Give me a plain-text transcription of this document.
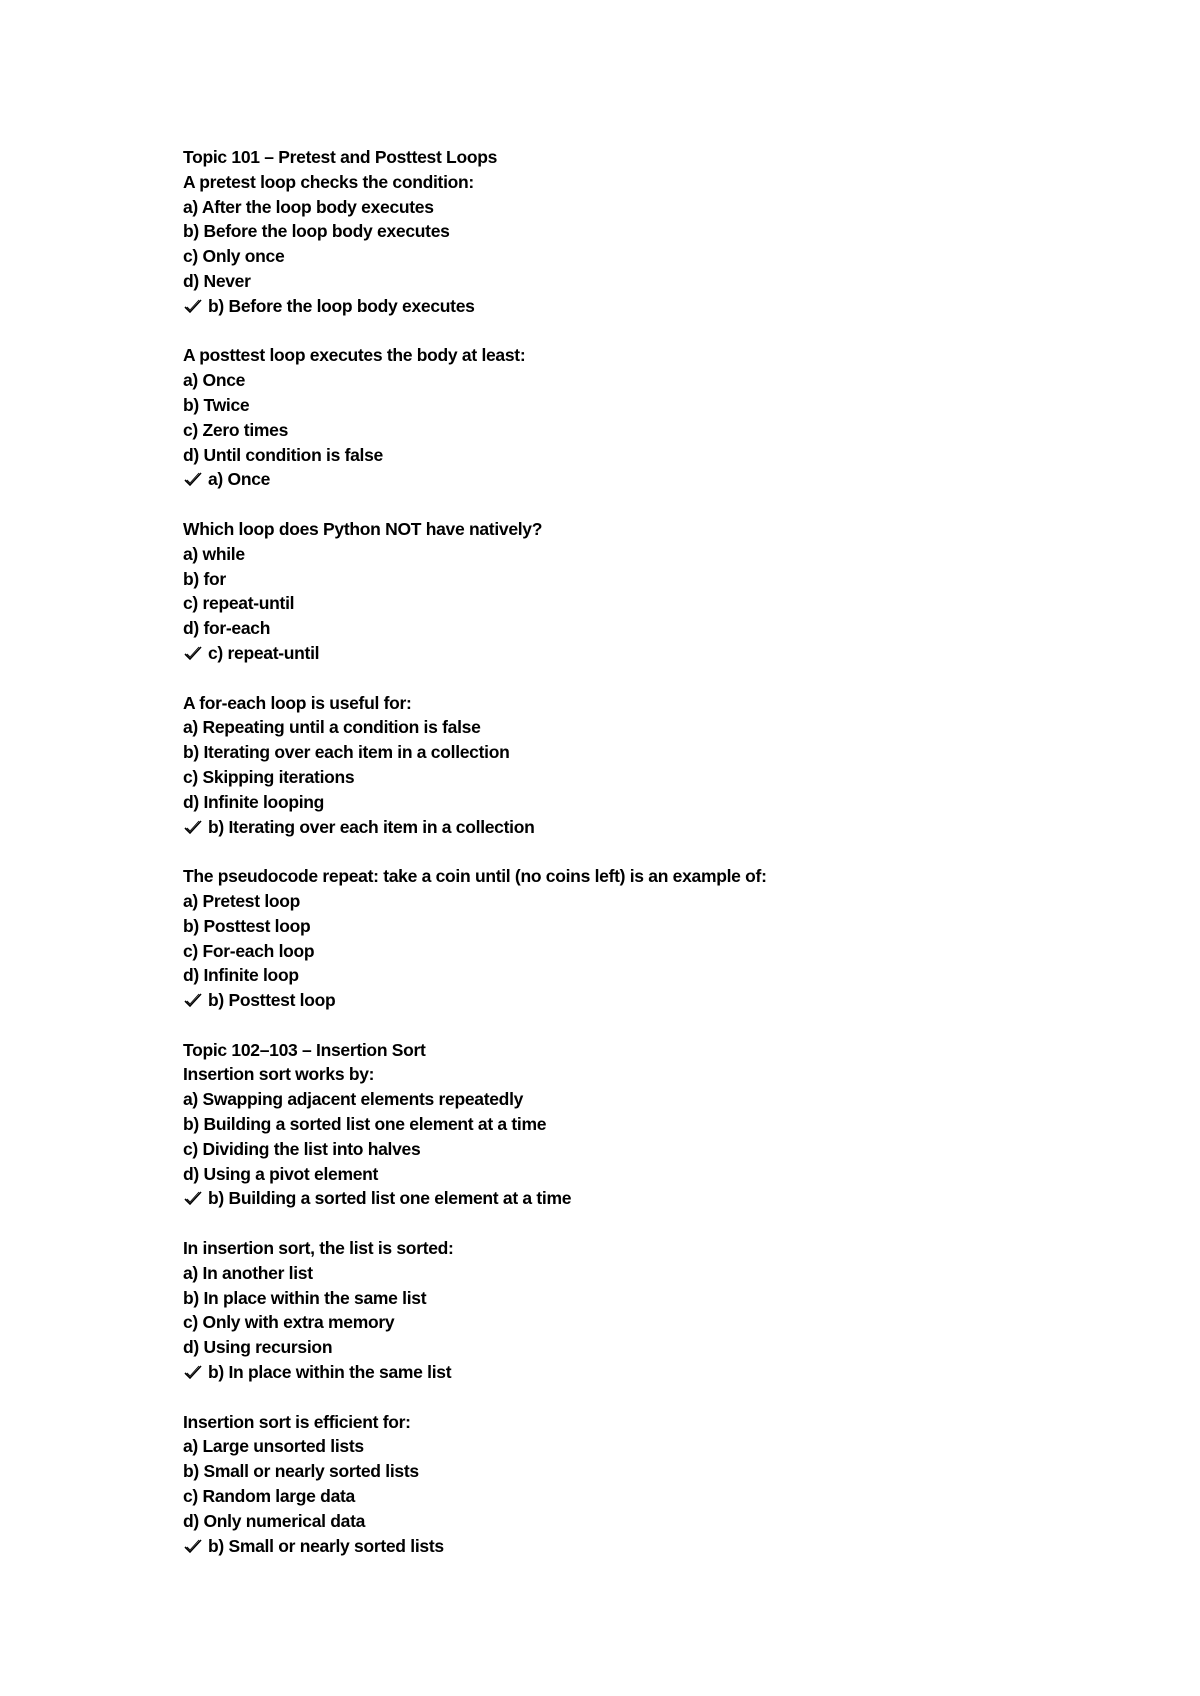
Topic 101 – Pretest and Posttest Loops
A pretest loop checks the condition:
a) After the loop body executes
b) Before the loop body executes
c) Only once
d) Never
b) Before the loop body executes
A posttest loop executes the body at least:
a) Once
b) Twice
c) Zero times
d) Until condition is false
a) Once
Which loop does Python NOT have natively?
a) while
b) for
c) repeat-until
d) for-each
c) repeat-until
A for-each loop is useful for:
a) Repeating until a condition is false
b) Iterating over each item in a collection
c) Skipping iterations
d) Infinite looping
b) Iterating over each item in a collection
The pseudocode repeat: take a coin until (no coins left) is an example of:
a) Pretest loop
b) Posttest loop
c) For-each loop
d) Infinite loop
b) Posttest loop
Topic 102–103 – Insertion Sort
Insertion sort works by:
a) Swapping adjacent elements repeatedly
b) Building a sorted list one element at a time
c) Dividing the list into halves
d) Using a pivot element
b) Building a sorted list one element at a time
In insertion sort, the list is sorted:
a) In another list
b) In place within the same list
c) Only with extra memory
d) Using recursion
b) In place within the same list
Insertion sort is efficient for:
a) Large unsorted lists
b) Small or nearly sorted lists
c) Random large data
d) Only numerical data
b) Small or nearly sorted lists
